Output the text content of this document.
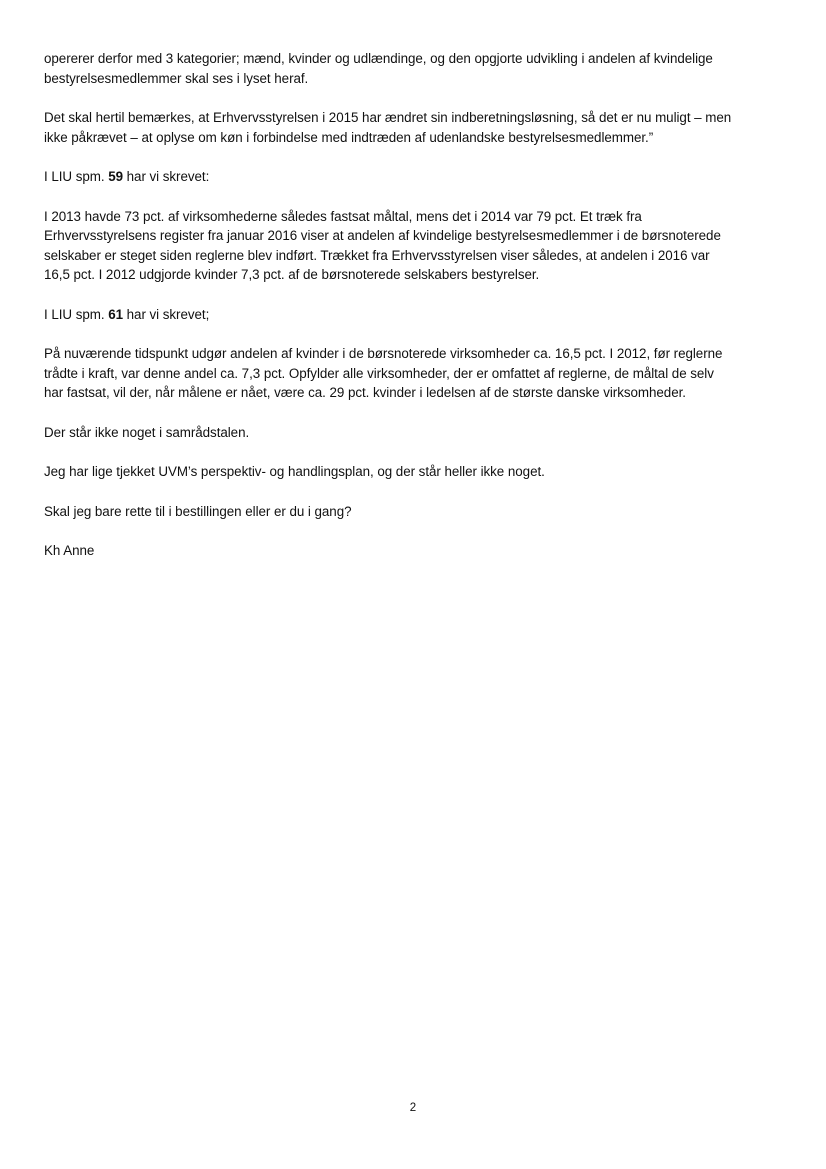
opererer derfor med 3 kategorier; mænd, kvinder og udlændinge, og den opgjorte udvikling i andelen af kvindelige
bestyrelsesmedlemmer skal ses i lyset heraf.

Det skal hertil bemærkes, at Erhvervsstyrelsen i 2015 har ændret sin indberetningsløsning, så det er nu muligt – men
ikke påkrævet – at oplyse om køn i forbindelse med indtræden af udenlandske bestyrelsesmedlemmer.”

I LIU spm. 59 har vi skrevet:

I 2013 havde 73 pct. af virksomhederne således fastsat måltal, mens det i 2014 var 79 pct. Et træk fra
Erhvervsstyrelsens register fra januar 2016 viser at andelen af kvindelige bestyrelsesmedlemmer i de børsnoterede
selskaber er steget siden reglerne blev indført. Trækket fra Erhvervsstyrelsen viser således, at andelen i 2016 var
16,5 pct. I 2012 udgjorde kvinder 7,3 pct. af de børsnoterede selskabers bestyrelser.

I LIU spm. 61 har vi skrevet;

På nuværende tidspunkt udgør andelen af kvinder i de børsnoterede virksomheder ca. 16,5 pct. I 2012, før reglerne
trådte i kraft, var denne andel ca. 7,3 pct. Opfylder alle virksomheder, der er omfattet af reglerne, de måltal de selv
har fastsat, vil der, når målene er nået, være ca. 29 pct. kvinder i ledelsen af de største danske virksomheder.

Der står ikke noget i samrådstalen.

Jeg har lige tjekket UVM’s perspektiv- og handlingsplan, og der står heller ikke noget.

Skal jeg bare rette til i bestillingen eller er du i gang?

Kh Anne

2
